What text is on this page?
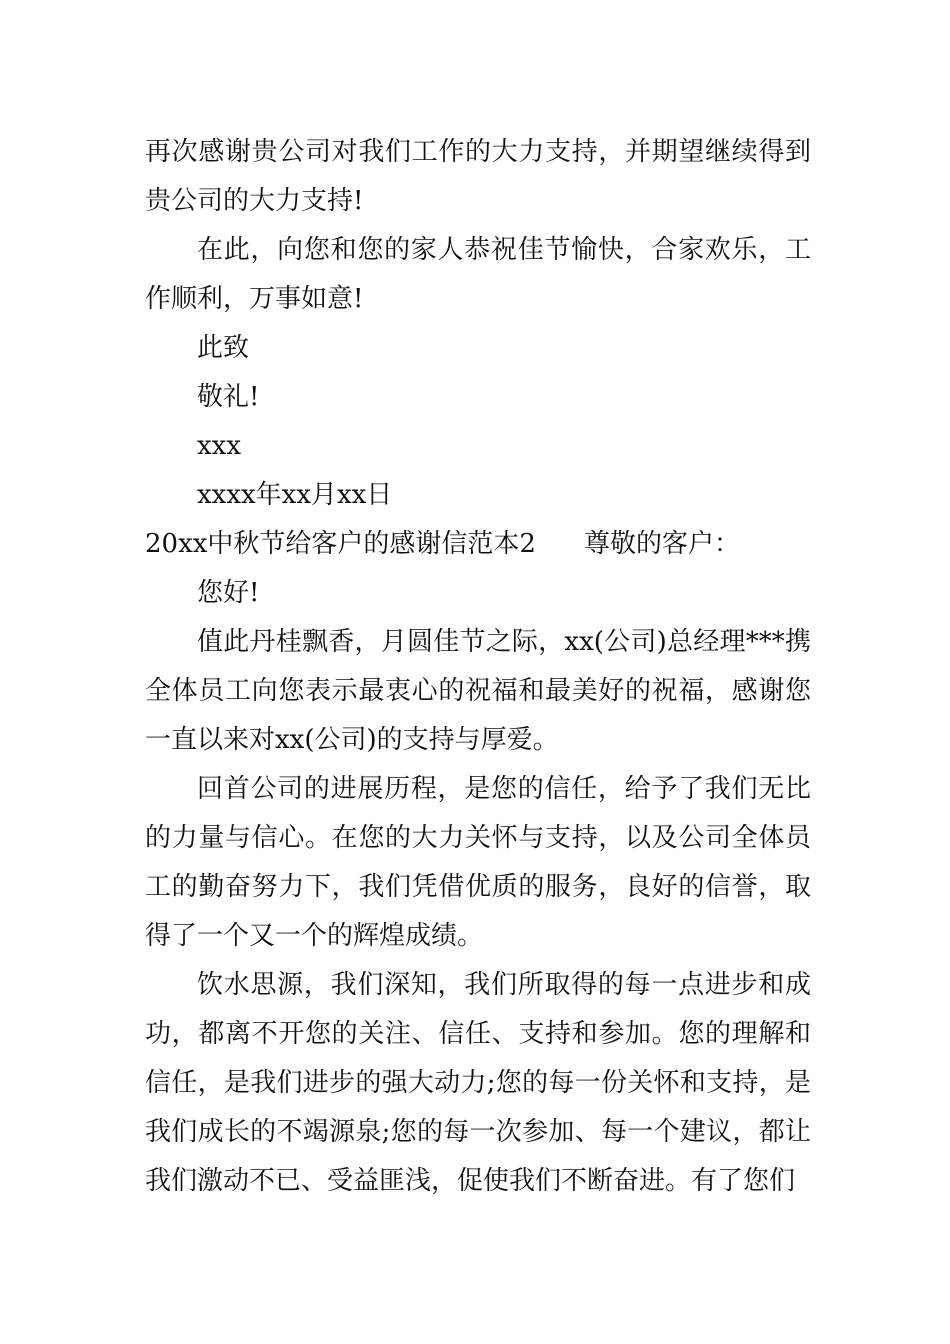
再次感谢贵公司对我们工作的大力支持，并期望继续得到贵公司的大力支持!

在此，向您和您的家人恭祝佳节愉快，合家欢乐，工作顺利，万事如意!

此致

敬礼!

xxx

xxxx年xx月xx日

20xx中秋节给客户的感谢信范本2 尊敬的客户：

您好!

值此丹桂飘香，月圆佳节之际，xx(公司)总经理***携全体员工向您表示最衷心的祝福和最美好的祝福，感谢您一直以来对xx(公司)的支持与厚爱。

回首公司的进展历程，是您的信任，给予了我们无比的力量与信心。在您的大力关怀与支持，以及公司全体员工的勤奋努力下，我们凭借优质的服务，良好的信誉，取得了一个又一个的辉煌成绩。

饮水思源，我们深知，我们所取得的每一点进步和成功，都离不开您的关注、信任、支持和参加。您的理解和信任，是我们进步的强大动力;您的每一份关怀和支持，是我们成长的不竭源泉;您的每一次参加、每一个建议，都让我们激动不已、受益匪浅，促使我们不断奋进。有了您们
